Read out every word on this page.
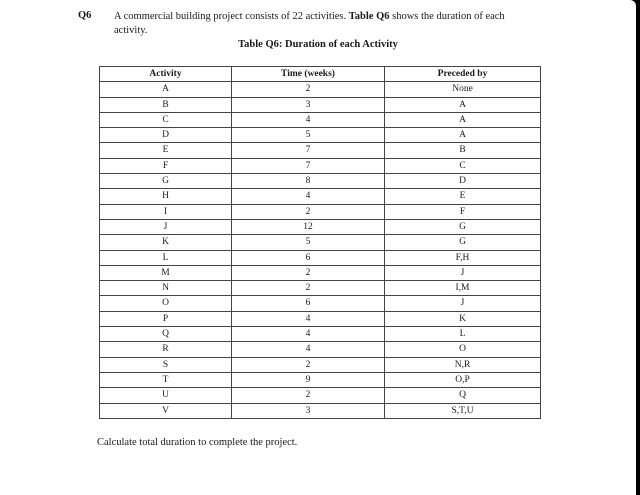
Q6 A commercial building project consists of 22 activities. Table Q6 shows the duration of each activity.
Table Q6: Duration of each Activity
Activity	Time (weeks)	Preceded by
A	2	None
B	3	A
C	4	A
D	5	A
E	7	B
F	7	C
G	8	D
H	4	E
I	2	F
J	12	G
K	5	G
L	6	F,H
M	2	J
N	2	I,M
O	6	J
P	4	K
Q	4	L
R	4	O
S	2	N,R
T	9	O,P
U	2	Q
V	3	S,T,U
Calculate total duration to complete the project.
